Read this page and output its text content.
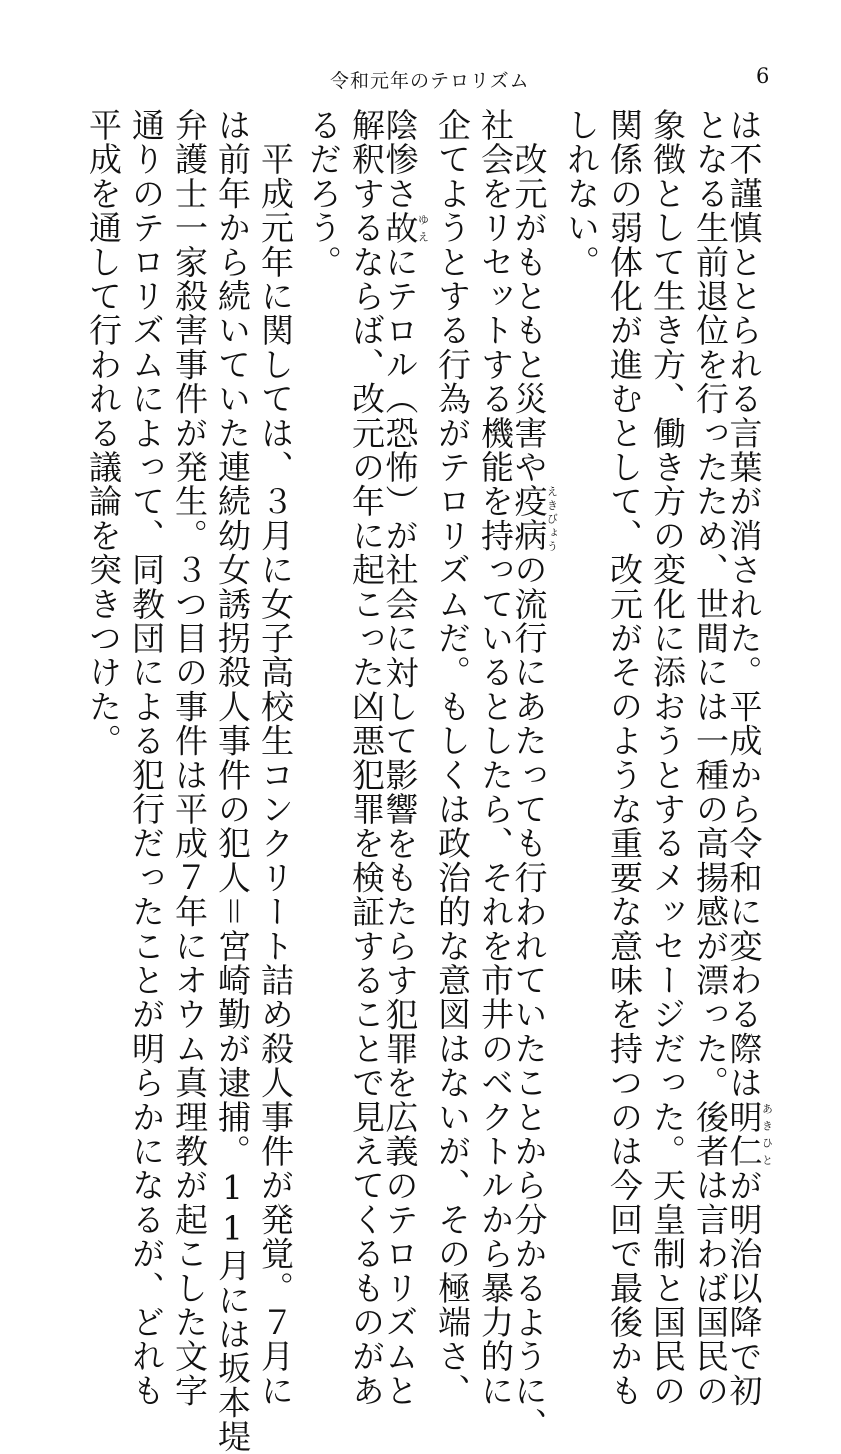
令和元年のテロリズム	6
は不謹慎ととられる言葉が消された。平成から令和に変わる際は明仁あきひとが明治以降で初
となる生前退位を行ったため、世間には一種の高揚感が漂った。後者は言わば国民の
象徴として生き方、働き方の変化に添おうとするメッセージだった。天皇制と国民の
関係の弱体化が進むとして、改元がそのような重要な意味を持つのは今回で最後かも
しれない。
　改元がもともと災害や疫病えきびょうの流行にあたっても行われていたことから分かるように、
社会をリセットする機能を持っているとしたら、それを市井のベクトルから暴力的に
企てようとする行為がテロリズムだ。もしくは政治的な意図はないが、その極端さ、
陰惨さ故ゆえにテロル（恐怖）が社会に対して影響をもたらす犯罪を広義のテロリズムと
解釈するならば、改元の年に起こった凶悪犯罪を検証することで見えてくるものがあ
るだろう。
　平成元年に関しては、３月に女子高校生コンクリート詰め殺人事件が発覚。７月に
は前年から続いていた連続幼女誘拐殺人事件の犯人＝宮崎勤が逮捕。11月には坂本堤
弁護士一家殺害事件が発生。３つ目の事件は平成７年にオウム真理教が起こした文字
通りのテロリズムによって、同教団による犯行だったことが明らかになるが、どれも
平成を通して行われる議論を突きつけた。
